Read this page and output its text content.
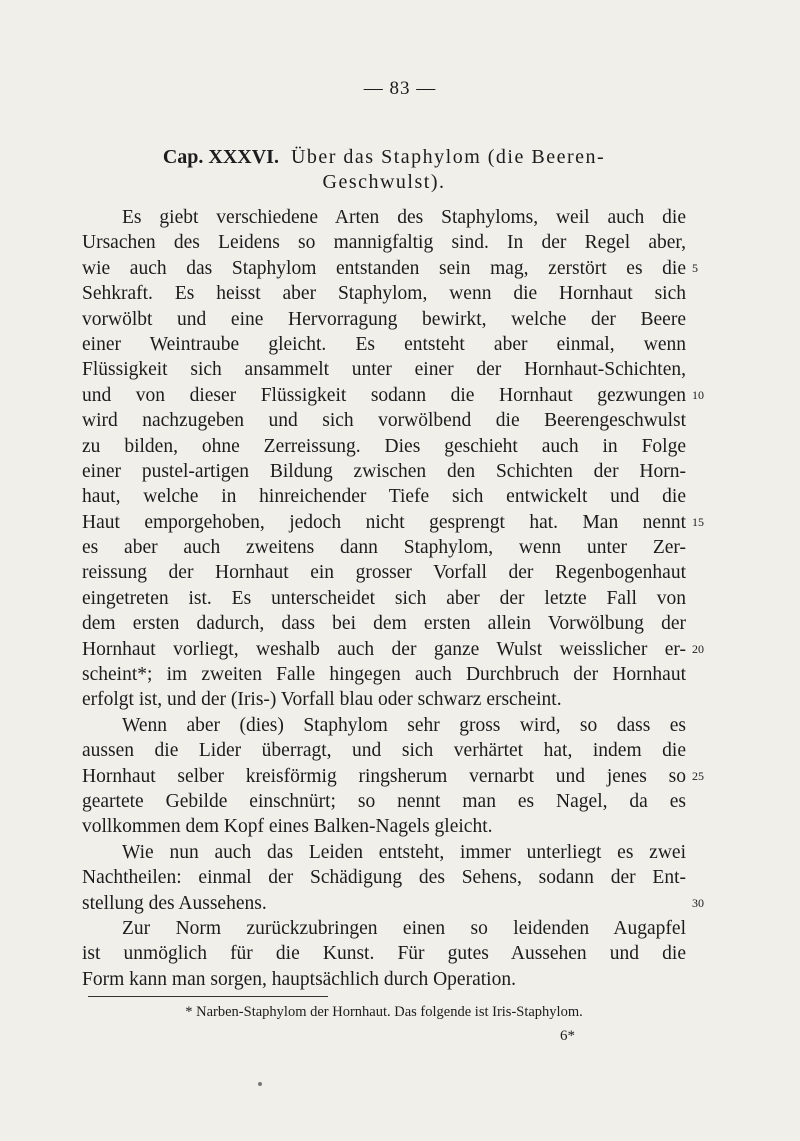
— 83 —
Cap. XXXVI. Über das Staphylom (die Beeren-
Geschwulst).
Es giebt verschiedene Arten des Staphyloms, weil auch die
Ursachen des Leidens so mannigfaltig sind. In der Regel aber,
wie auch das Staphylom entstanden sein mag, zerstört es die
Sehkraft. Es heisst aber Staphylom, wenn die Hornhaut sich
vorwölbt und eine Hervorragung bewirkt, welche der Beere
einer Weintraube gleicht. Es entsteht aber einmal, wenn
Flüssigkeit sich ansammelt unter einer der Hornhaut-Schichten,
und von dieser Flüssigkeit sodann die Hornhaut gezwungen
wird nachzugeben und sich vorwölbend die Beerengeschwulst
zu bilden, ohne Zerreissung. Dies geschieht auch in Folge
einer pustel-artigen Bildung zwischen den Schichten der Horn-
haut, welche in hinreichender Tiefe sich entwickelt und die
Haut emporgehoben, jedoch nicht gesprengt hat. Man nennt
es aber auch zweitens dann Staphylom, wenn unter Zer-
reissung der Hornhaut ein grosser Vorfall der Regenbogenhaut
eingetreten ist. Es unterscheidet sich aber der letzte Fall von
dem ersten dadurch, dass bei dem ersten allein Vorwölbung der
Hornhaut vorliegt, weshalb auch der ganze Wulst weisslicher er-
scheint*; im zweiten Falle hingegen auch Durchbruch der Hornhaut
erfolgt ist, und der (Iris-) Vorfall blau oder schwarz erscheint.
Wenn aber (dies) Staphylom sehr gross wird, so dass es
aussen die Lider überragt, und sich verhärtet hat, indem die
Hornhaut selber kreisförmig ringsherum vernarbt und jenes so
geartete Gebilde einschnürt; so nennt man es Nagel, da es
vollkommen dem Kopf eines Balken-Nagels gleicht.
Wie nun auch das Leiden entsteht, immer unterliegt es zwei
Nachtheilen: einmal der Schädigung des Sehens, sodann der Ent-
stellung des Aussehens.
Zur Norm zurückzubringen einen so leidenden Augapfel
ist unmöglich für die Kunst. Für gutes Aussehen und die
Form kann man sorgen, hauptsächlich durch Operation.
5
10
15
20
25
30
* Narben-Staphylom der Hornhaut. Das folgende ist Iris-Staphylom.
6*
